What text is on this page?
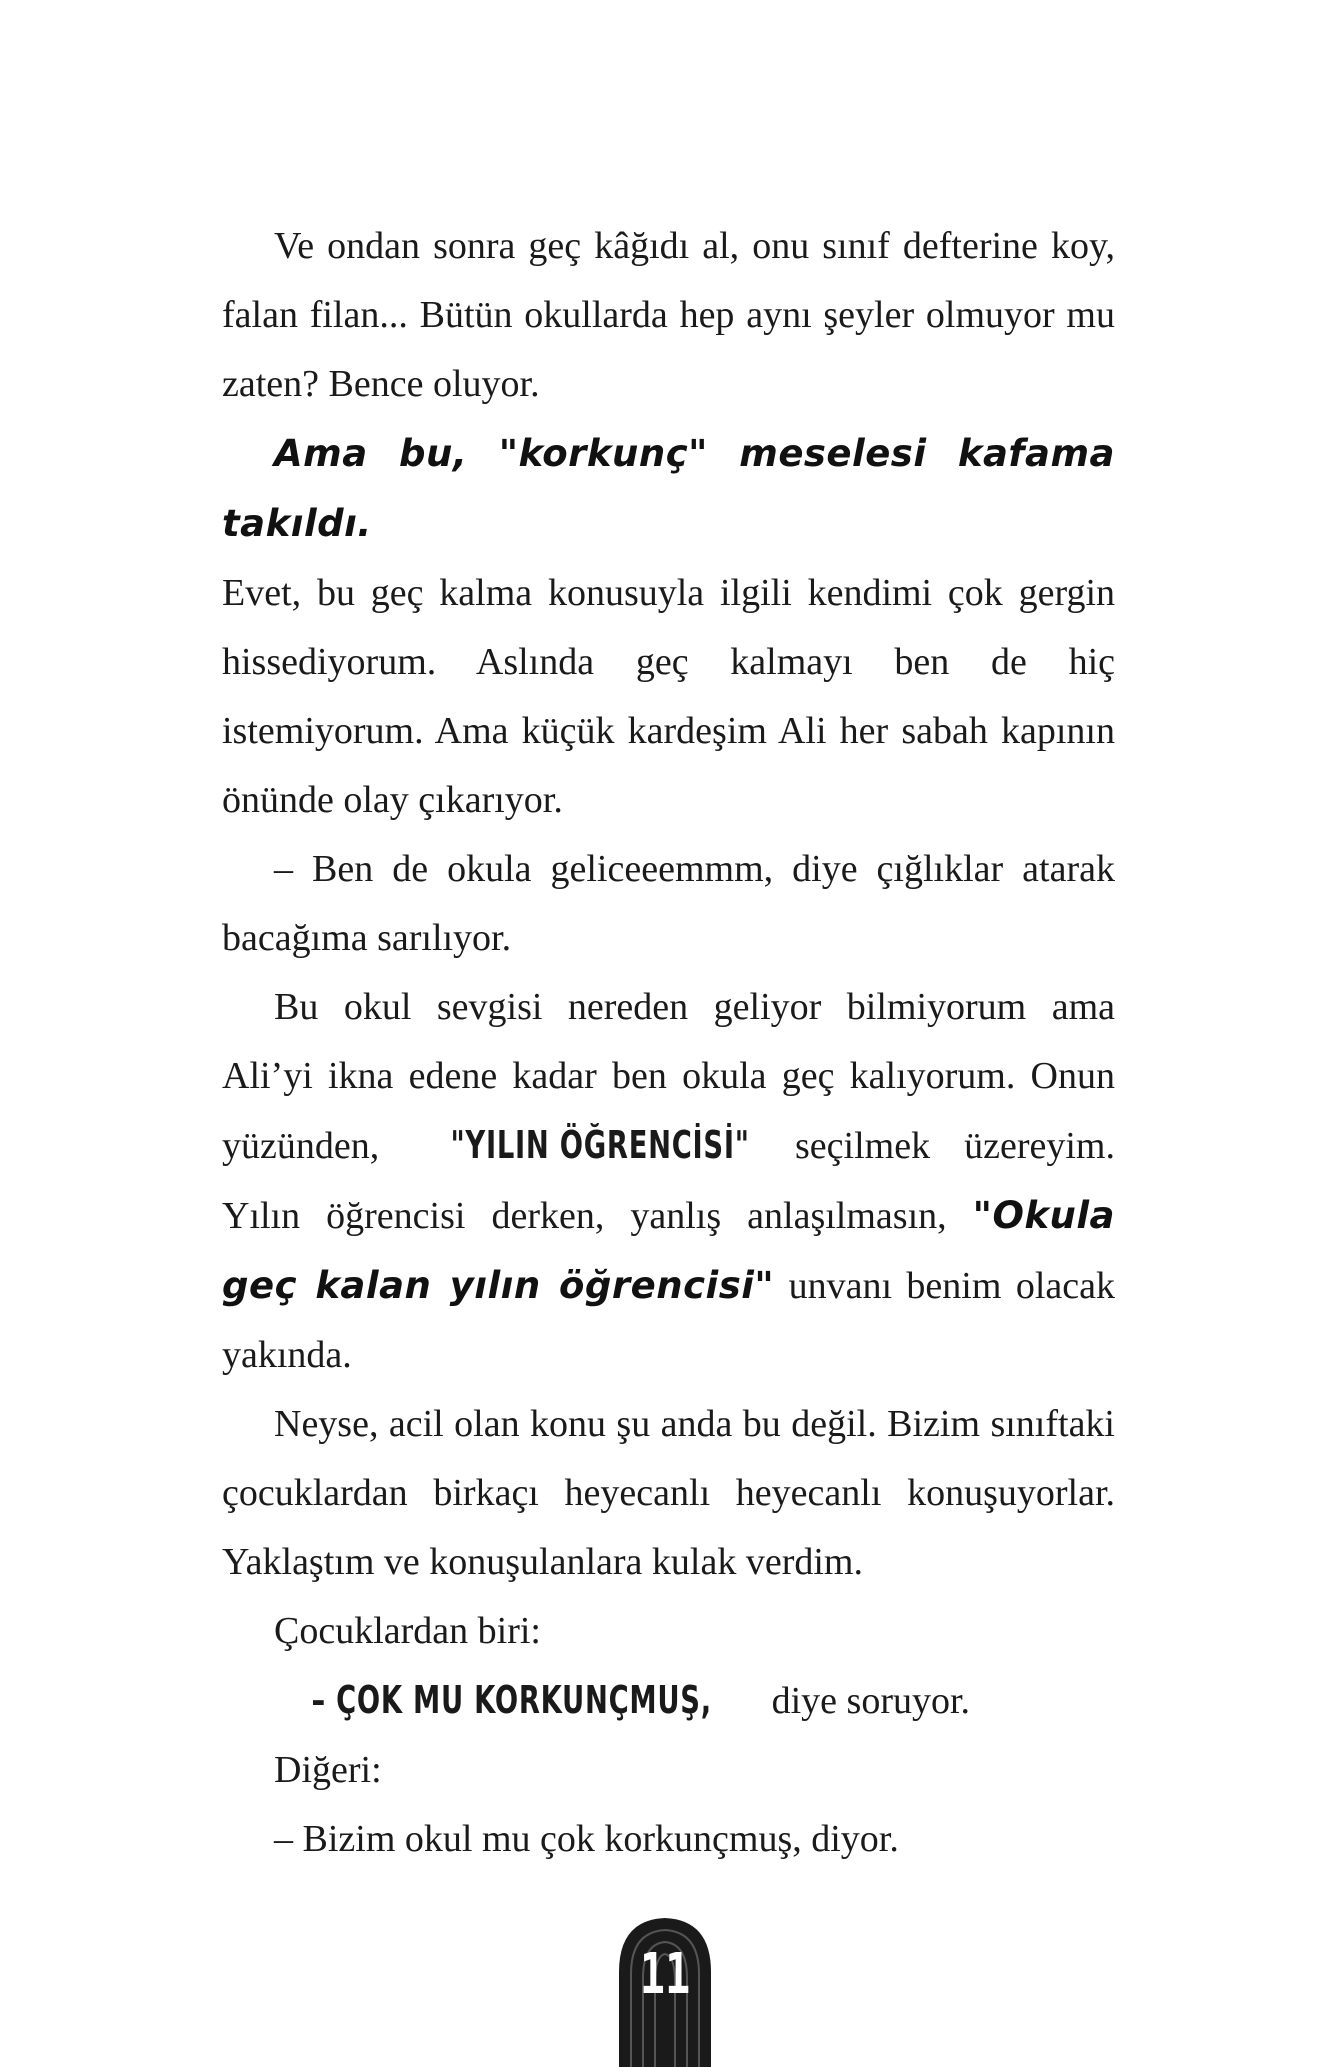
Ve ondan sonra geç kâğıdı al, onu sınıf defterine koy, falan filan... Bütün okullarda hep aynı şeyler olmuyor mu zaten? Bence oluyor.

Ama bu, "korkunç" meselesi kafama takıldı.

Evet, bu geç kalma konusuyla ilgili kendimi çok gergin hissediyorum. Aslında geç kalmayı ben de hiç istemiyorum. Ama küçük kardeşim Ali her sabah kapının önünde olay çıkarıyor.

– Ben de okula geliceeemmm, diye çığlıklar atarak bacağıma sarılıyor.

Bu okul sevgisi nereden geliyor bilmiyorum ama Ali’yi ikna edene kadar ben okula geç kalıyorum. Onun yüzünden, "YILIN ÖĞRENCİSİ" seçilmek üzereyim. Yılın öğrencisi derken, yanlış anlaşılmasın, "Okula geç kalan yılın öğrencisi" unvanı benim olacak yakında.

Neyse, acil olan konu şu anda bu değil. Bizim sınıftaki çocuklardan birkaçı heyecanlı heyecanlı konuşuyorlar. Yaklaştım ve konuşulanlara kulak verdim.

Çocuklardan biri:

– ÇOK MU KORKUNÇMUŞ, diye soruyor.

Diğeri:

– Bizim okul mu çok korkunçmuş, diyor.

11
